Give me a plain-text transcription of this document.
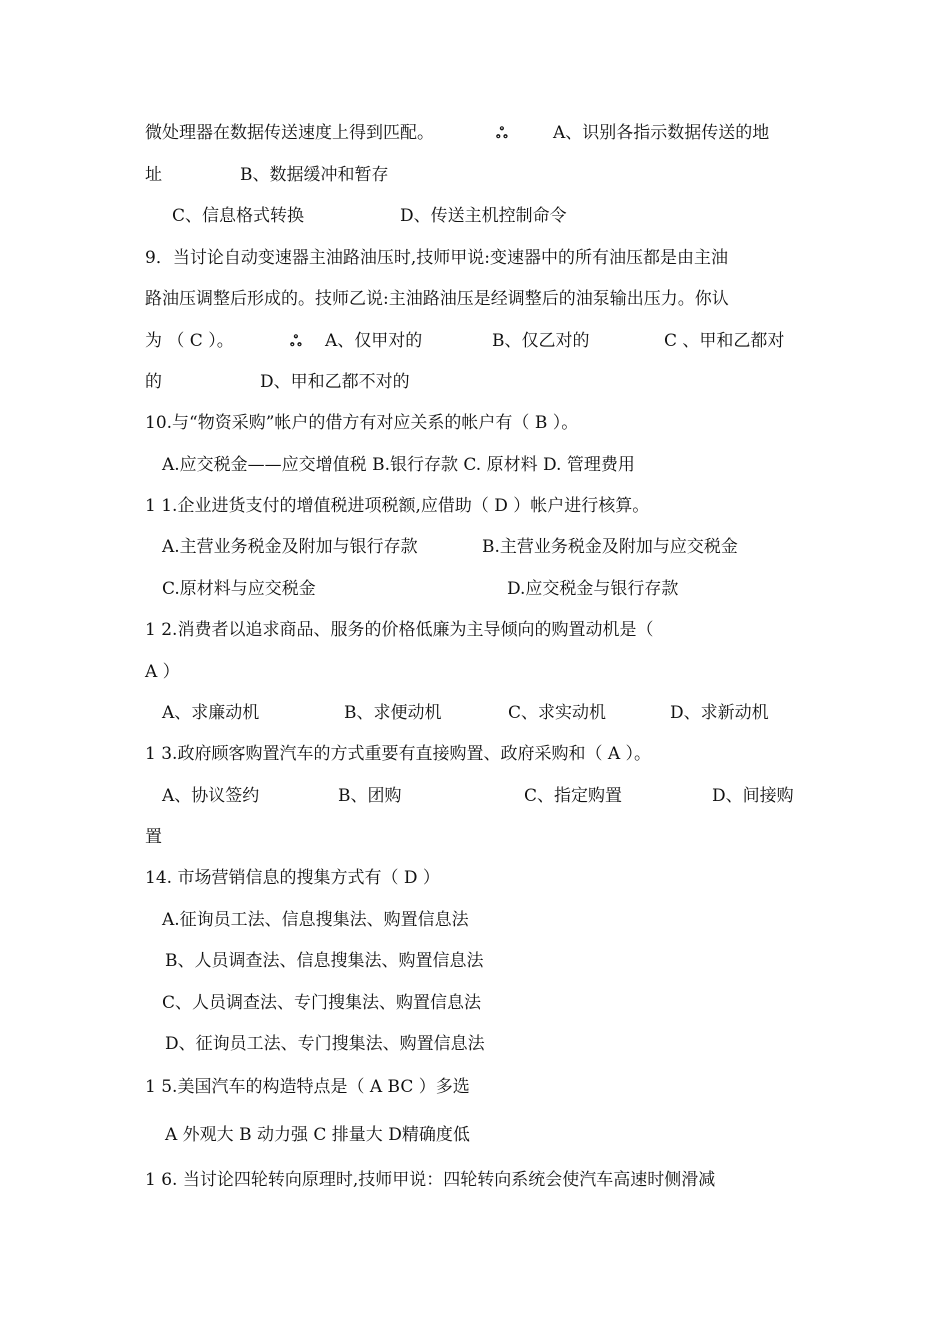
微处理器在数据传送速度上得到匹配。	ஃ	A、识别各指示数据传送的地
址	B、数据缓冲和暂存
C、信息格式转换	D、传送主机控制命令
9．当讨论自动变速器主油路油压时,技师甲说:变速器中的所有油压都是由主油
路油压调整后形成的。技师乙说:主油路油压是经调整后的油泵输出压力。你认
为 （ C ）。	ஃ A、仅甲对的	B、仅乙对的	C 、甲和乙都对
的	D、甲和乙都不对的
10.与“物资采购”帐户的借方有对应关系的帐户有（ B ）。
A.应交税金——应交增值税 B.银行存款 C. 原材料 D. 管理费用
1 1.企业进货支付的增值税进项税额,应借助（ D ）帐户进行核算。
A.主营业务税金及附加与银行存款	B.主营业务税金及附加与应交税金
C.原材料与应交税金	D.应交税金与银行存款
1 2.消费者以追求商品、服务的价格低廉为主导倾向的购置动机是（
A ）
A、求廉动机	B、求便动机	C、求实动机	D、求新动机
1 3.政府顾客购置汽车的方式重要有直接购置、政府采购和（ A ）。
A、协议签约	B、团购	C、指定购置	D、间接购
置
14. 市场营销信息的搜集方式有（ D ）
A.征询员工法、信息搜集法、购置信息法
B、人员调查法、信息搜集法、购置信息法
C、人员调查法、专门搜集法、购置信息法
D、征询员工法、专门搜集法、购置信息法
1 5.美国汽车的构造特点是（ A BC ）多选
A 外观大 B 动力强 C 排量大 D精确度低
1 6. 当讨论四轮转向原理时,技师甲说：四轮转向系统会使汽车高速时侧滑减
